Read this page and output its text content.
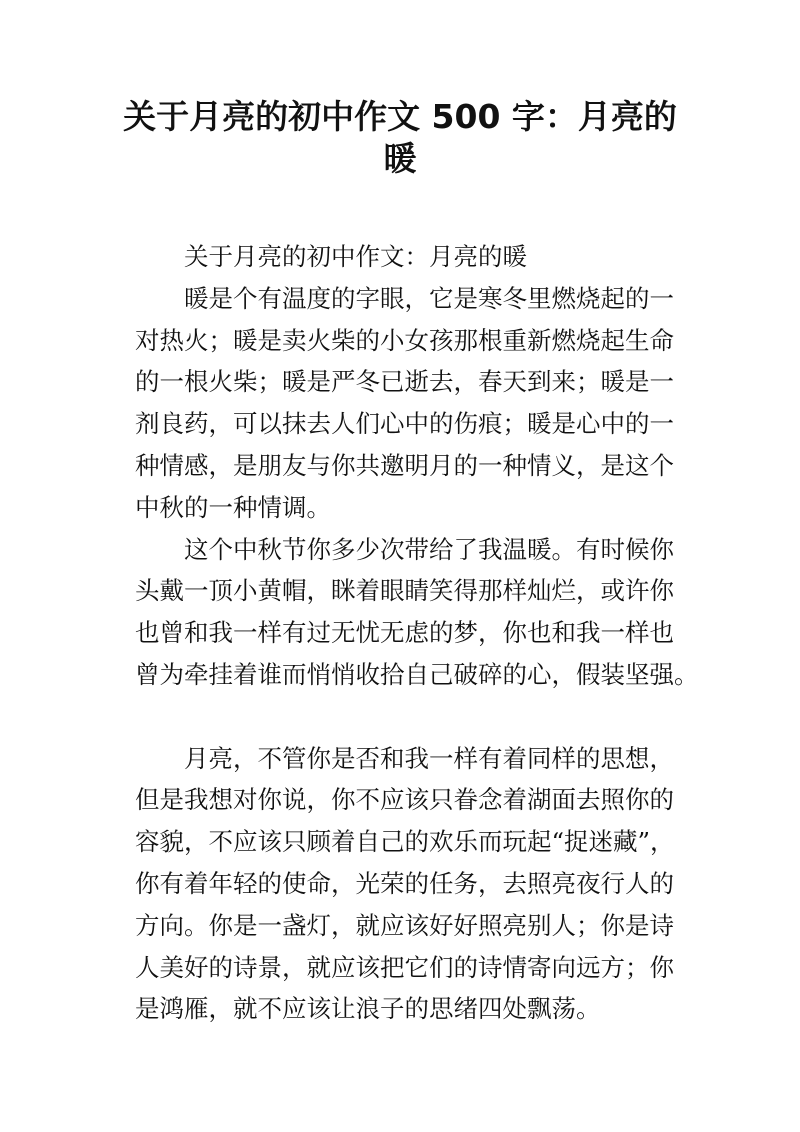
关于月亮的初中作文 500 字：月亮的
暖
关于月亮的初中作文：月亮的暖
暖是个有温度的字眼，它是寒冬里燃烧起的一
对热火；暖是卖火柴的小女孩那根重新燃烧起生命
的一根火柴；暖是严冬已逝去，春天到来；暖是一
剂良药，可以抹去人们心中的伤痕；暖是心中的一
种情感，是朋友与你共邀明月的一种情义，是这个
中秋的一种情调。
这个中秋节你多少次带给了我温暖。有时候你
头戴一顶小黄帽，眯着眼睛笑得那样灿烂，或许你
也曾和我一样有过无忧无虑的梦，你也和我一样也
曾为牵挂着谁而悄悄收拾自己破碎的心，假装坚强。
月亮，不管你是否和我一样有着同样的思想，
但是我想对你说，你不应该只眷念着湖面去照你的
容貌，不应该只顾着自己的欢乐而玩起“捉迷藏”，
你有着年轻的使命，光荣的任务，去照亮夜行人的
方向。你是一盏灯，就应该好好照亮别人；你是诗
人美好的诗景，就应该把它们的诗情寄向远方；你
是鸿雁，就不应该让浪子的思绪四处飘荡。
